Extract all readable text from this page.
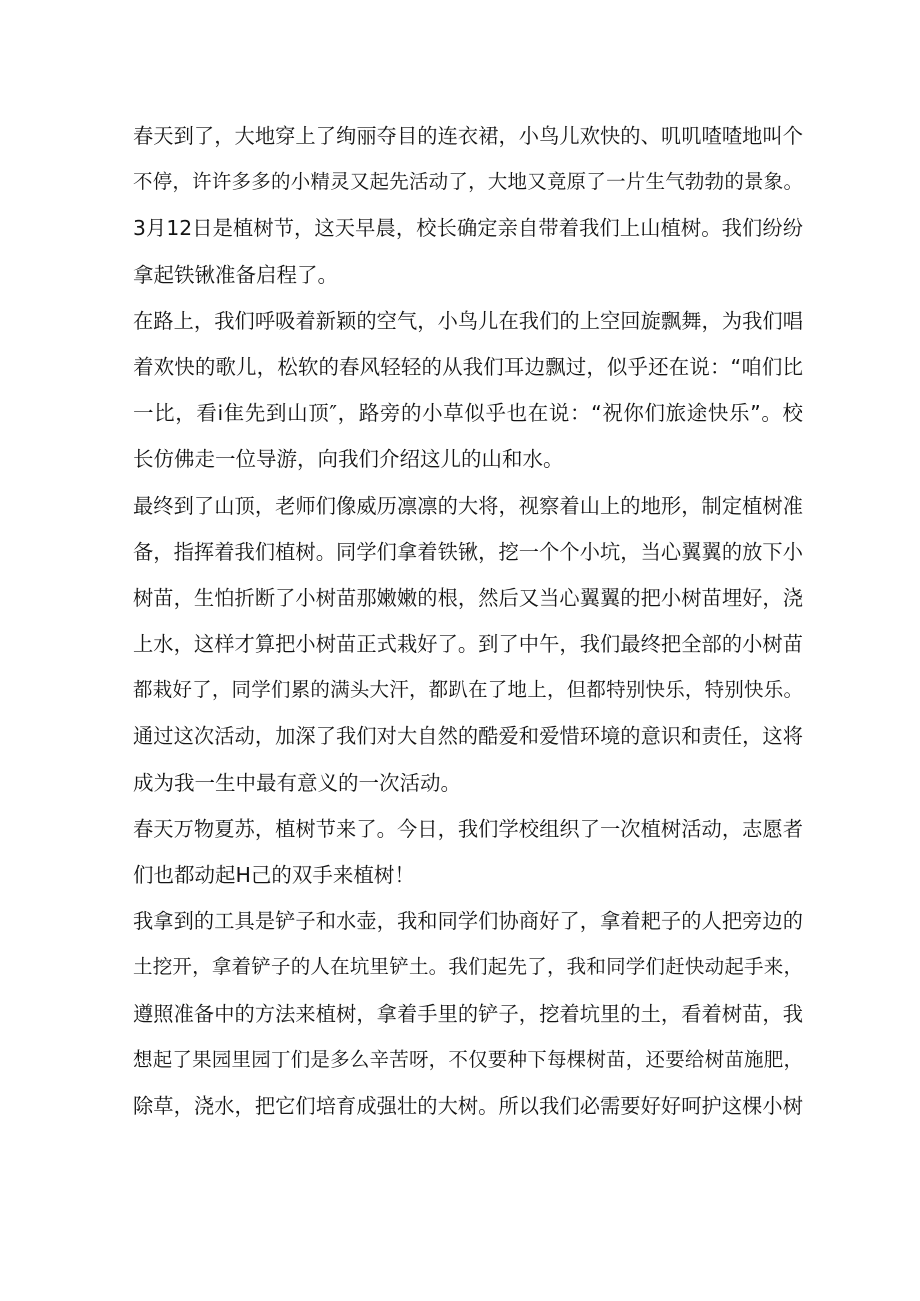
春天到了，大地穿上了绚丽夺目的连衣裙，小鸟儿欢快的、叽叽喳喳地叫个
不停，许许多多的小精灵又起先活动了，大地又竟原了一片生气勃勃的景象。
3月12日是植树节，这天早晨，校长确定亲自带着我们上山植树。我们纷纷
拿起铁锹准备启程了。
在路上，我们呼吸着新颖的空气，小鸟儿在我们的上空回旋飘舞，为我们唱
着欢快的歌儿，松软的春风轻轻的从我们耳边飘过，似乎还在说：“咱们比
一比，看i隹先到山顶″，路旁的小草似乎也在说：“祝你们旅途快乐”。校
长仿佛走一位导游，向我们介绍这儿的山和水。
最终到了山顶，老师们像威历凛凛的大将，视察着山上的地形，制定植树准
备，指挥着我们植树。同学们拿着铁锹，挖一个个小坑，当心翼翼的放下小
树苗，生怕折断了小树苗那嫩嫩的根，然后又当心翼翼的把小树苗埋好，浇
上水，这样才算把小树苗正式栽好了。到了中午，我们最终把全部的小树苗
都栽好了，同学们累的满头大汗，都趴在了地上，但都特别快乐，特别快乐。
通过这次活动，加深了我们对大自然的酷爱和爱惜环境的意识和责任，这将
成为我一生中最有意义的一次活动。
春天万物夏苏，植树节来了。今日，我们学校组织了一次植树活动，志愿者
们也都动起H己的双手来植树！
我拿到的工具是铲子和水壶，我和同学们协商好了，拿着耙子的人把旁边的
土挖开，拿着铲子的人在坑里铲土。我们起先了，我和同学们赶快动起手来，
遵照准备中的方法来植树，拿着手里的铲子，挖着坑里的土，看着树苗，我
想起了果园里园丁们是多么辛苦呀，不仅要种下每棵树苗，还要给树苗施肥，
除草，浇水，把它们培育成强壮的大树。所以我们必需要好好呵护这棵小树
